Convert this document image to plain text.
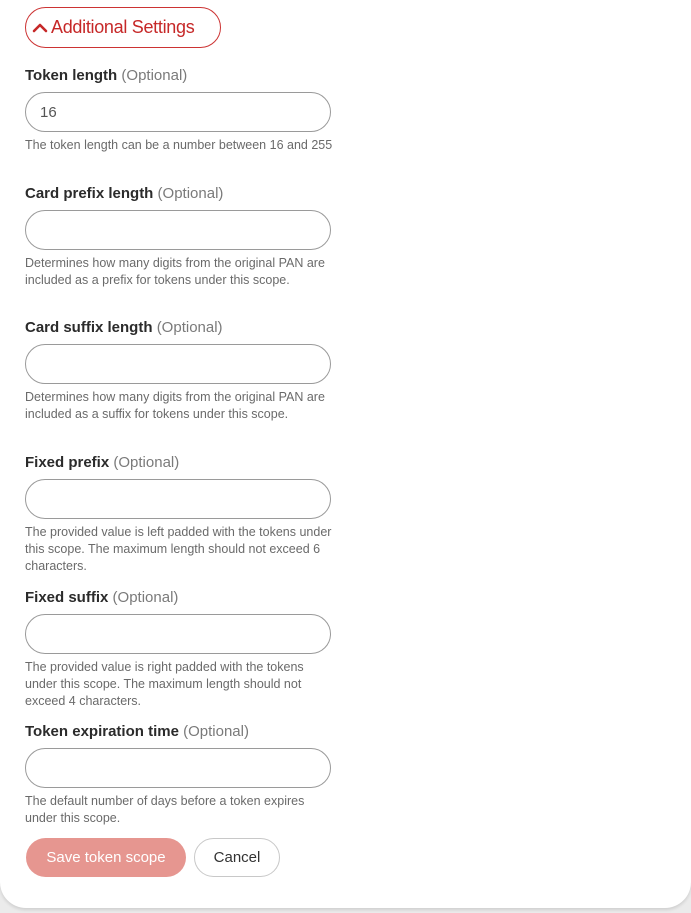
Additional Settings
Token length (Optional)
16
The token length can be a number between 16 and 255
Card prefix length (Optional)
Determines how many digits from the original PAN are included as a prefix for tokens under this scope.
Card suffix length (Optional)
Determines how many digits from the original PAN are included as a suffix for tokens under this scope.
Fixed prefix (Optional)
The provided value is left padded with the tokens under this scope. The maximum length should not exceed 6 characters.
Fixed suffix (Optional)
The provided value is right padded with the tokens under this scope. The maximum length should not exceed 4 characters.
Token expiration time (Optional)
The default number of days before a token expires under this scope.
Save token scope	Cancel
